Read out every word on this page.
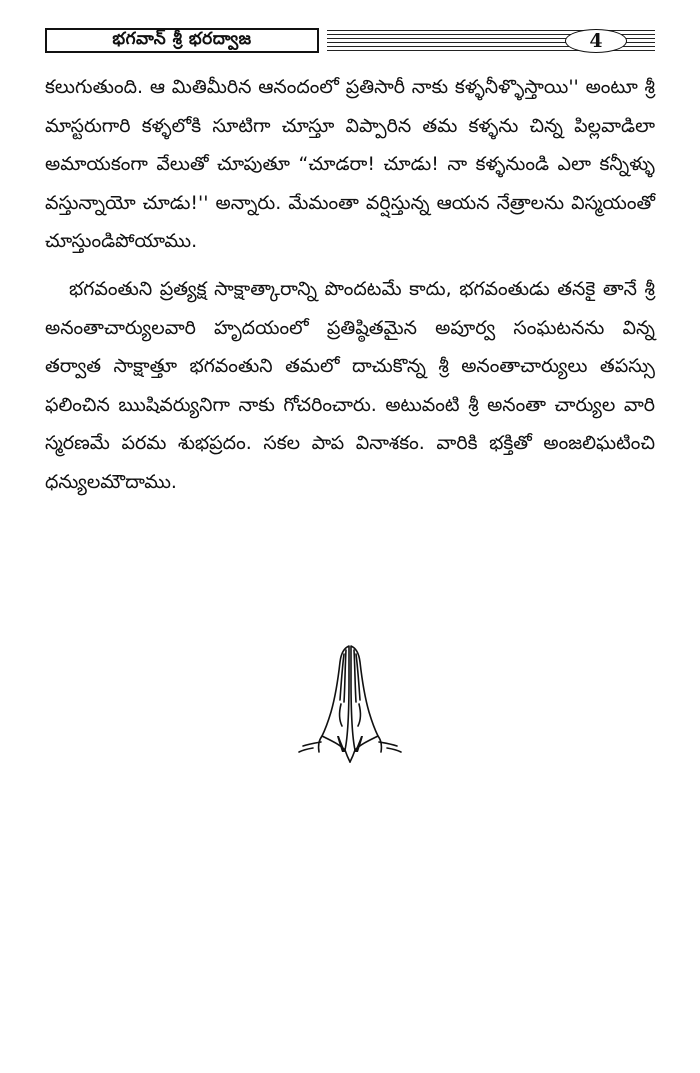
భగవాన్ శ్రీ భరద్వాజ	4

కలుగుతుంది. ఆ మితిమీరిన ఆనందంలో ప్రతిసారీ నాకు కళ్ళనీళ్ళొస్తాయి'' అంటూ శ్రీ మాస్టరుగారి కళ్ళలోకి సూటిగా చూస్తూ విప్పారిన తమ కళ్ళను చిన్న పిల్లవాడిలా అమాయకంగా వేలుతో చూపుతూ “చూడరా! చూడు! నా కళ్ళనుండి ఎలా కన్నీళ్ళు వస్తున్నాయో చూడు!'' అన్నారు. మేమంతా వర్షిస్తున్న ఆయన నేత్రాలను విస్మయంతో చూస్తుండిపోయాము.

భగవంతుని ప్రత్యక్ష సాక్షాత్కారాన్ని పొందటమే కాదు, భగవంతుడు తనకై తానే శ్రీ అనంతాచార్యులవారి హృదయంలో ప్రతిష్ఠితమైన అపూర్వ సంఘటనను విన్న తర్వాత సాక్షాత్తూ భగవంతుని తమలో దాచుకొన్న శ్రీ అనంతాచార్యులు తపస్సు ఫలించిన ఋషివర్యునిగా నాకు గోచరించారు. అటువంటి శ్రీ అనంతా చార్యుల వారి స్మరణమే పరమ శుభప్రదం. సకల పాప వినాశకం. వారికి భక్తితో అంజలిఘటించి ధన్యులమౌదాము.
